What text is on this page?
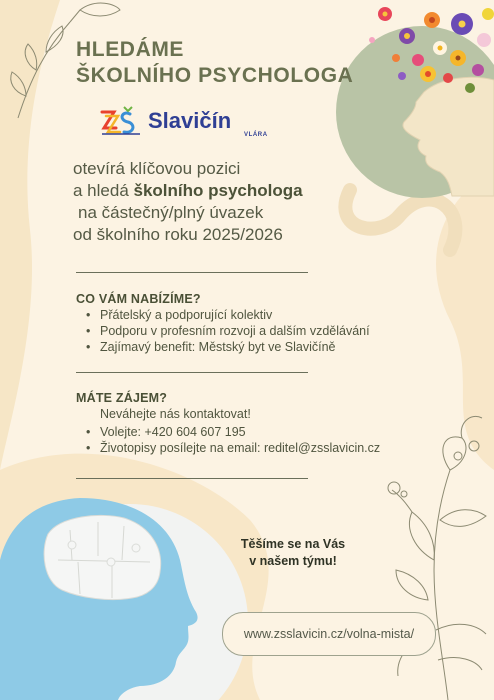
HLEDÁME
ŠKOLNÍHO PSYCHOLOGA
Slavičín
VLÁRA
otevírá klíčovou pozici
a hledá školního psychologa
na částečný/plný úvazek
od školního roku 2025/2026
CO VÁM NABÍZÍME?
• Přátelský a podporující kolektiv
• Podporu v profesním rozvoji a dalším vzdělávání
• Zajímavý benefit: Městský byt ve Slavičíně
MÁTE ZÁJEM?
Neváhejte nás kontaktovat!
• Volejte: +420 604 607 195
• Životopisy posílejte na email: reditel@zsslavicin.cz
Těšíme se na Vás
v našem týmu!
www.zsslavicin.cz/volna-mista/
